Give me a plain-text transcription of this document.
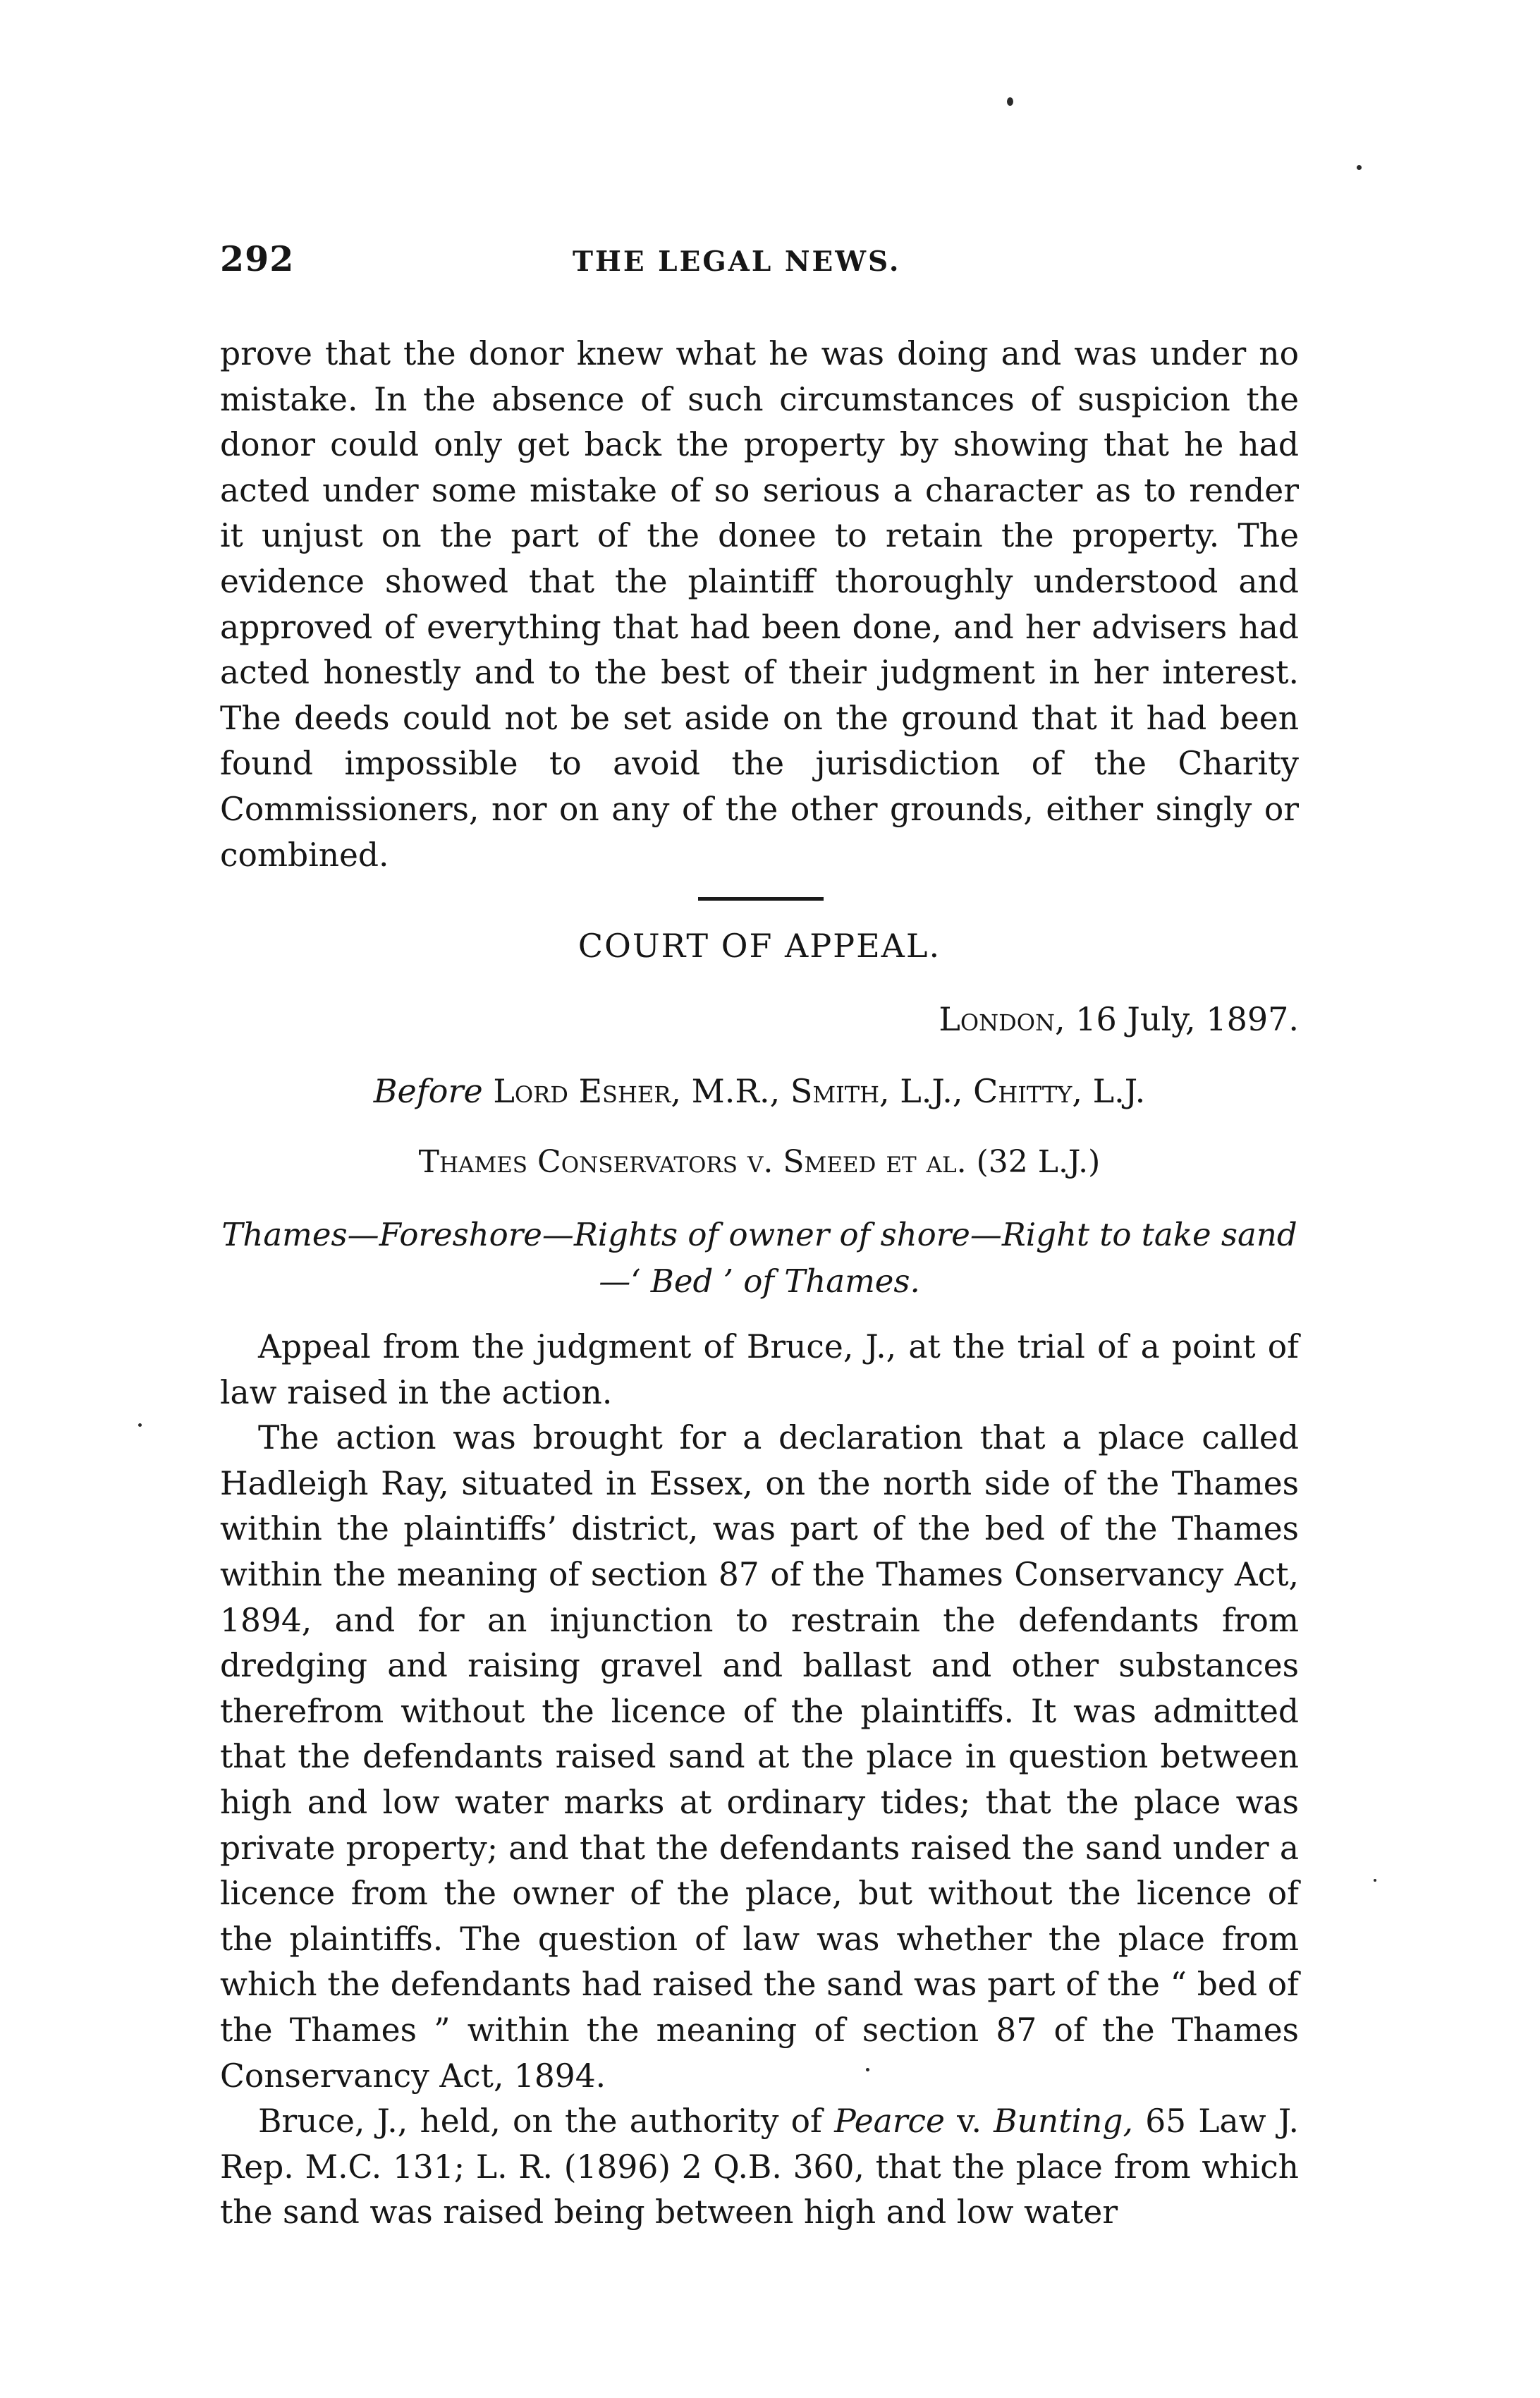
292	THE LEGAL NEWS.

prove that the donor knew what he was doing and was under no mistake. In the absence of such circumstances of suspicion the donor could only get back the property by showing that he had acted under some mistake of so serious a character as to render it unjust on the part of the donee to retain the property. The evidence showed that the plaintiff thoroughly understood and approved of everything that had been done, and her advisers had acted honestly and to the best of their judgment in her interest. The deeds could not be set aside on the ground that it had been found impossible to avoid the jurisdiction of the Charity Commissioners, nor on any of the other grounds, either singly or combined.

COURT OF APPEAL.
London, 16 July, 1897.
Before Lord Esher, M.R., Smith, L.J., Chitty, L.J.
Thames Conservators v. Smeed et al. (32 L.J.)
Thames—Foreshore—Rights of owner of shore—Right to take sand
—‘ Bed ’ of Thames.

Appeal from the judgment of Bruce, J., at the trial of a point of law raised in the action.

The action was brought for a declaration that a place called Hadleigh Ray, situated in Essex, on the north side of the Thames within the plaintiffs’ district, was part of the bed of the Thames within the meaning of section 87 of the Thames Conservancy Act, 1894, and for an injunction to restrain the defendants from dredging and raising gravel and ballast and other substances therefrom without the licence of the plaintiffs. It was admitted that the defendants raised sand at the place in question between high and low water marks at ordinary tides; that the place was private property; and that the defendants raised the sand under a licence from the owner of the place, but without the licence of the plaintiffs. The question of law was whether the place from which the defendants had raised the sand was part of the “ bed of the Thames ” within the meaning of section 87 of the Thames Conservancy Act, 1894.

Bruce, J., held, on the authority of Pearce v. Bunting, 65 Law J. Rep. M.C. 131; L. R. (1896) 2 Q.B. 360, that the place from which the sand was raised being between high and low water
